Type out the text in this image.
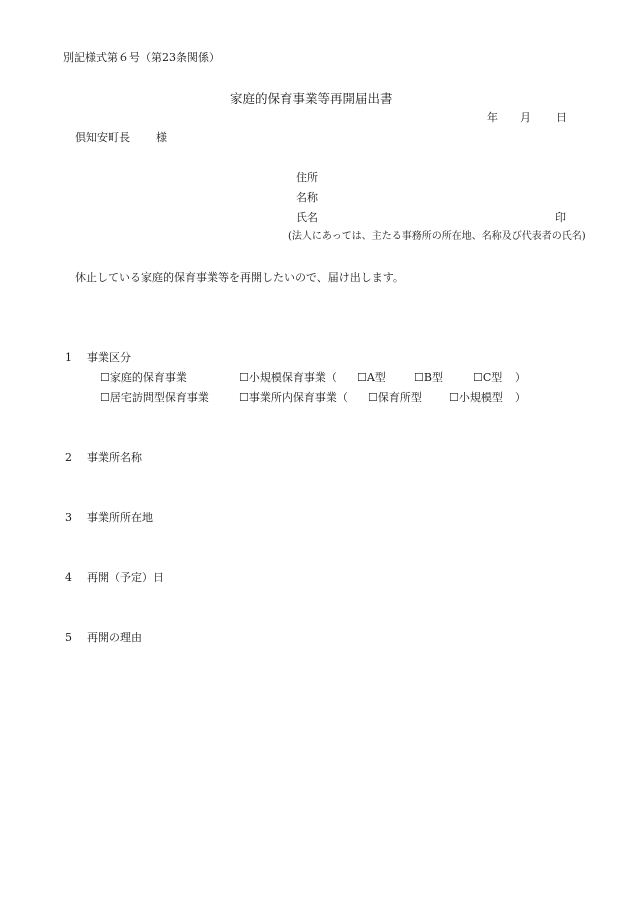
別記様式第６号（第23条関係）
家庭的保育事業等再開届出書
年 月 日
倶知安町長 様
住所
名称
氏名	印
(法人にあっては、主たる事務所の所在地、名称及び代表者の氏名)
休止している家庭的保育事業等を再開したいので、届け出します。
1 事業区分
☐家庭的保育事業	☐小規模保育事業（ ☐A型	☐B型	☐C型 ）
☐居宅訪問型保育事業	☐事業所内保育事業（ ☐保育所型 ☐小規模型 ）
2 事業所名称
3 事業所所在地
4 再開（予定）日
5 再開の理由
